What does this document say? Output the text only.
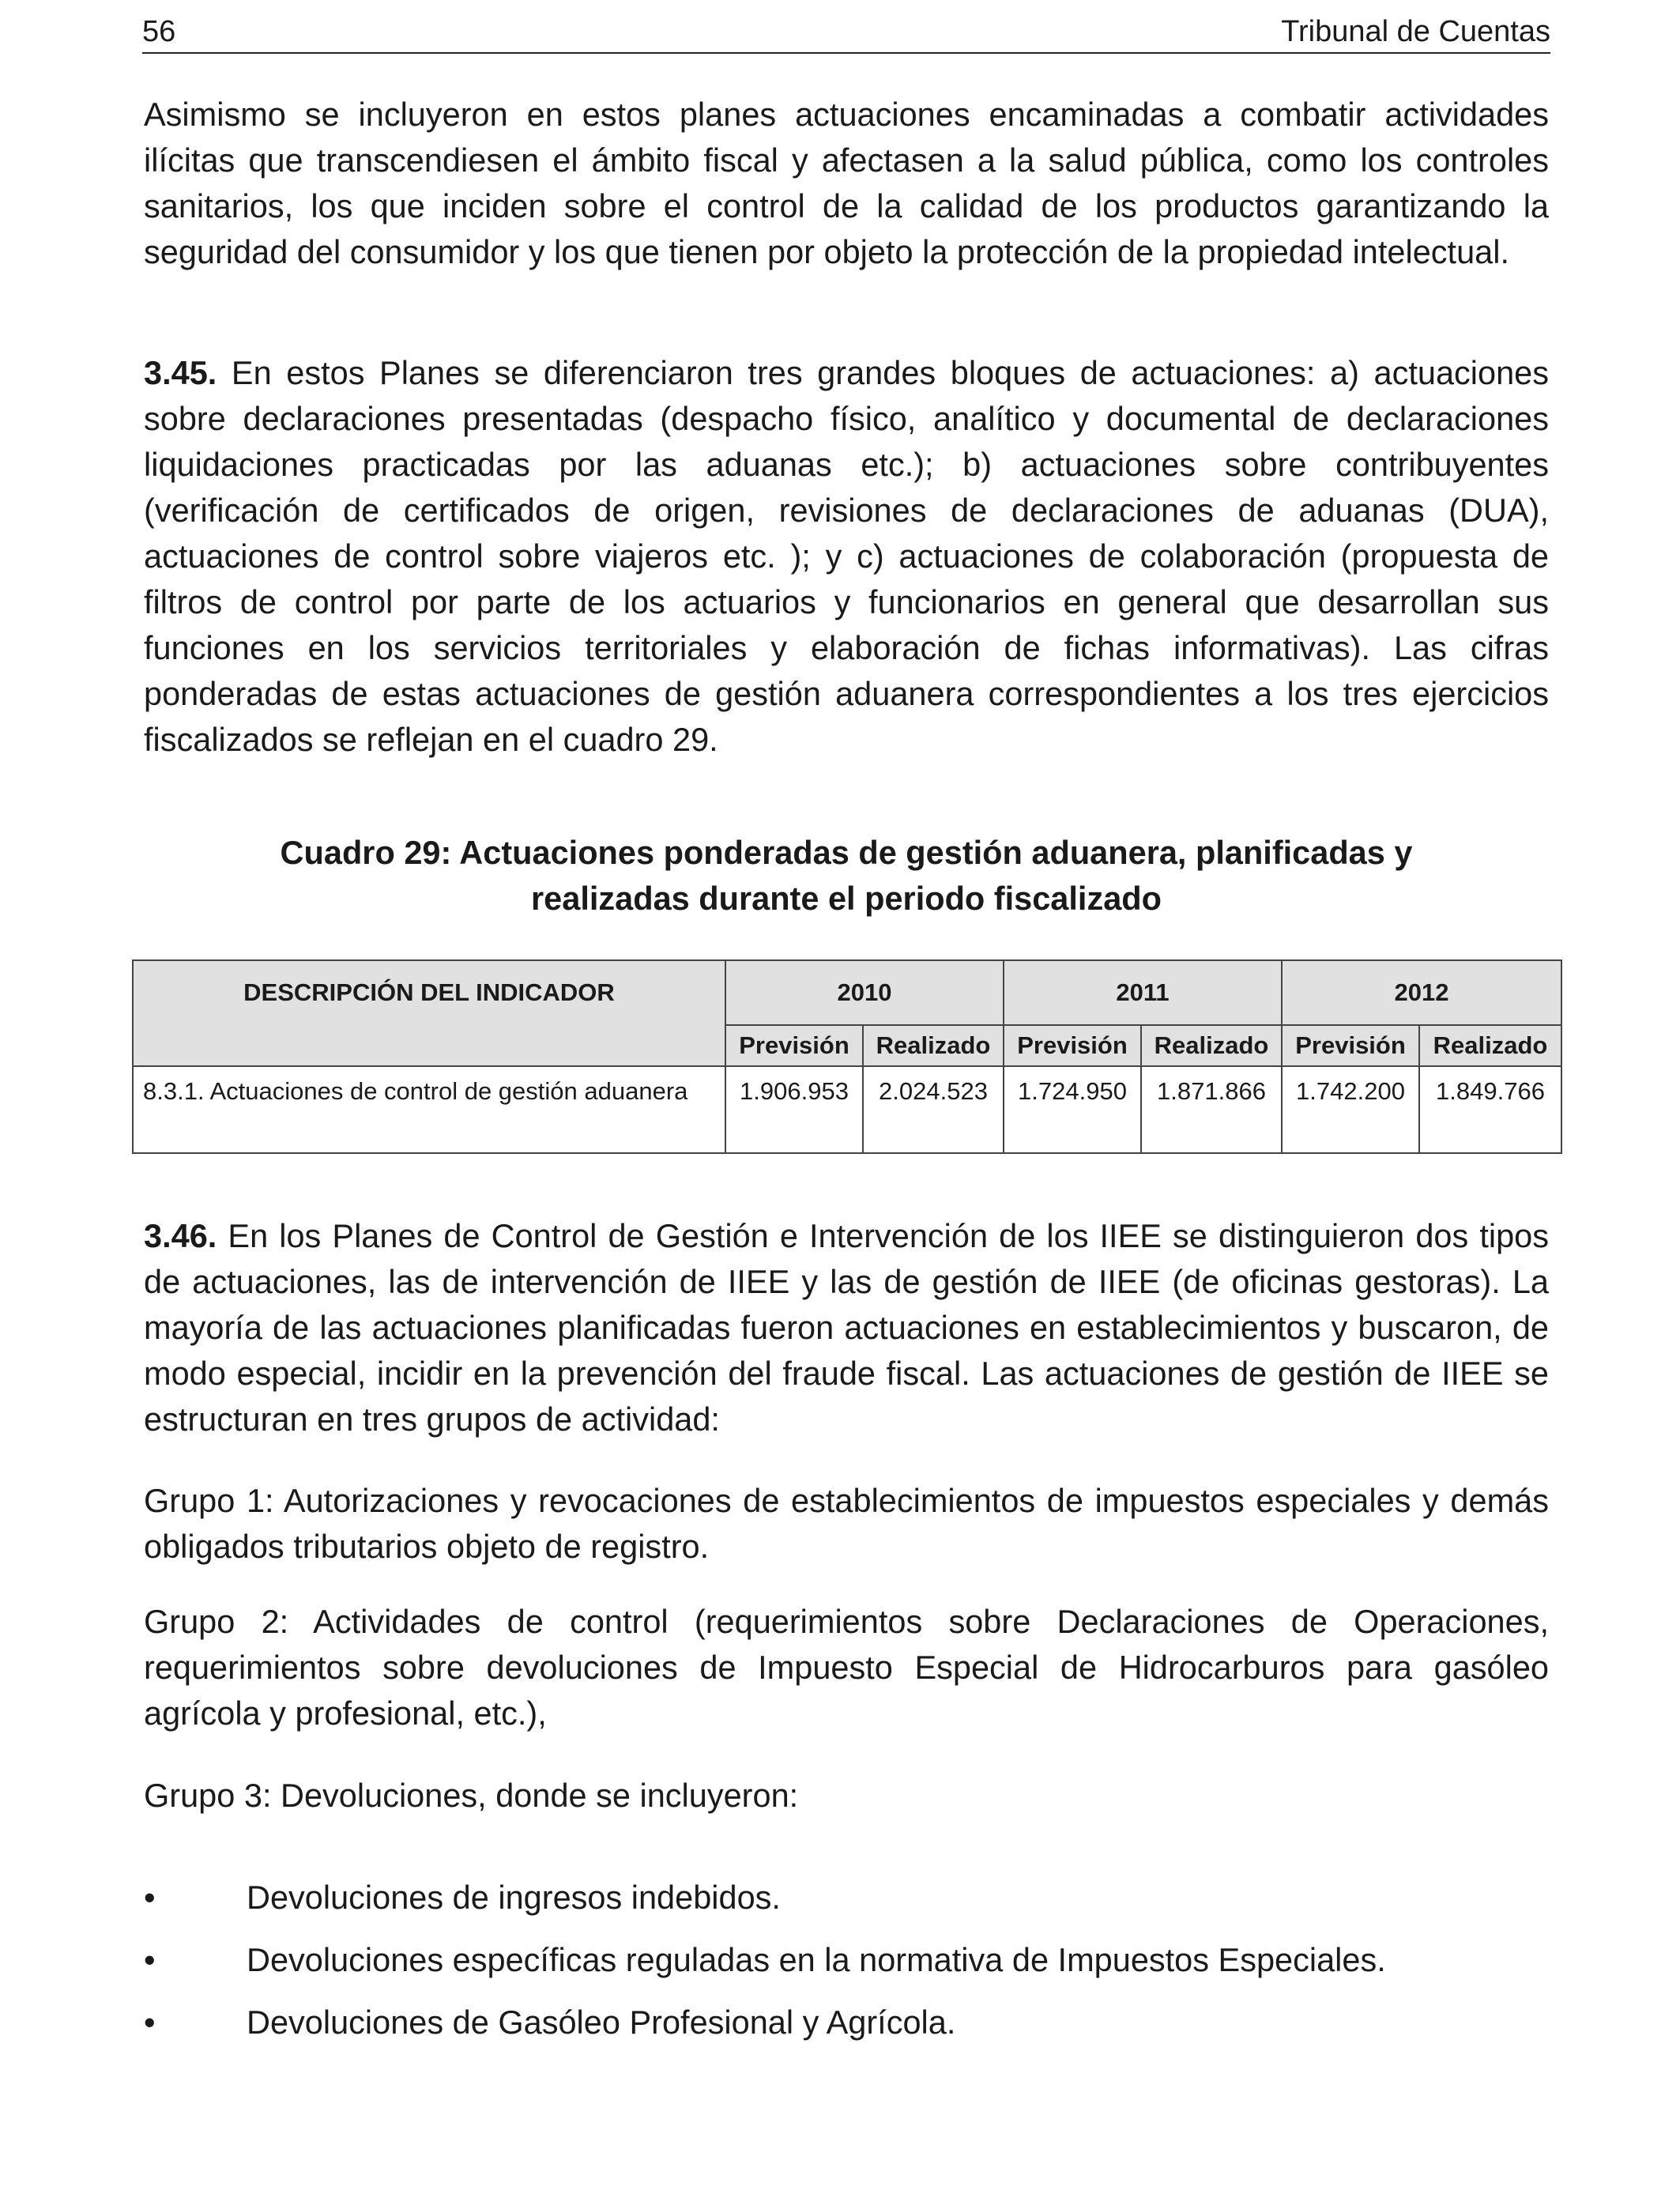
56	Tribunal de Cuentas

Asimismo se incluyeron en estos planes actuaciones encaminadas a combatir actividades ilícitas que transcendiesen el ámbito fiscal y afectasen a la salud pública, como los controles sanitarios, los que inciden sobre el control de la calidad de los productos garantizando la seguridad del consumidor y los que tienen por objeto la protección de la propiedad intelectual.

3.45. En estos Planes se diferenciaron tres grandes bloques de actuaciones: a) actuaciones sobre declaraciones presentadas (despacho físico, analítico y documental de declaraciones liquidaciones practicadas por las aduanas etc.); b) actuaciones sobre contribuyentes (verificación de certificados de origen, revisiones de declaraciones de aduanas (DUA), actuaciones de control sobre viajeros etc. ); y c) actuaciones de colaboración (propuesta de filtros de control por parte de los actuarios y funcionarios en general que desarrollan sus funciones en los servicios territoriales y elaboración de fichas informativas). Las cifras ponderadas de estas actuaciones de gestión aduanera correspondientes a los tres ejercicios fiscalizados se reflejan en el cuadro 29.

Cuadro 29: Actuaciones ponderadas de gestión aduanera, planificadas y
realizadas durante el periodo fiscalizado
DESCRIPCIÓN DEL INDICADOR	2010		2011		2012	
	Previsión	Realizado	Previsión	Realizado	Previsión	Realizado
8.3.1. Actuaciones de control de gestión aduanera	1.906.953	2.024.523	1.724.950	1.871.866	1.742.200	1.849.766

3.46. En los Planes de Control de Gestión e Intervención de los IIEE se distinguieron dos tipos de actuaciones, las de intervención de IIEE y las de gestión de IIEE (de oficinas gestoras). La mayoría de las actuaciones planificadas fueron actuaciones en establecimientos y buscaron, de modo especial, incidir en la prevención del fraude fiscal. Las actuaciones de gestión de IIEE se estructuran en tres grupos de actividad:

Grupo 1: Autorizaciones y revocaciones de establecimientos de impuestos especiales y demás obligados tributarios objeto de registro.

Grupo 2: Actividades de control (requerimientos sobre Declaraciones de Operaciones, requerimientos sobre devoluciones de Impuesto Especial de Hidrocarburos para gasóleo agrícola y profesional, etc.),

Grupo 3: Devoluciones, donde se incluyeron:

•	Devoluciones de ingresos indebidos.
•	Devoluciones específicas reguladas en la normativa de Impuestos Especiales.
•	Devoluciones de Gasóleo Profesional y Agrícola.
